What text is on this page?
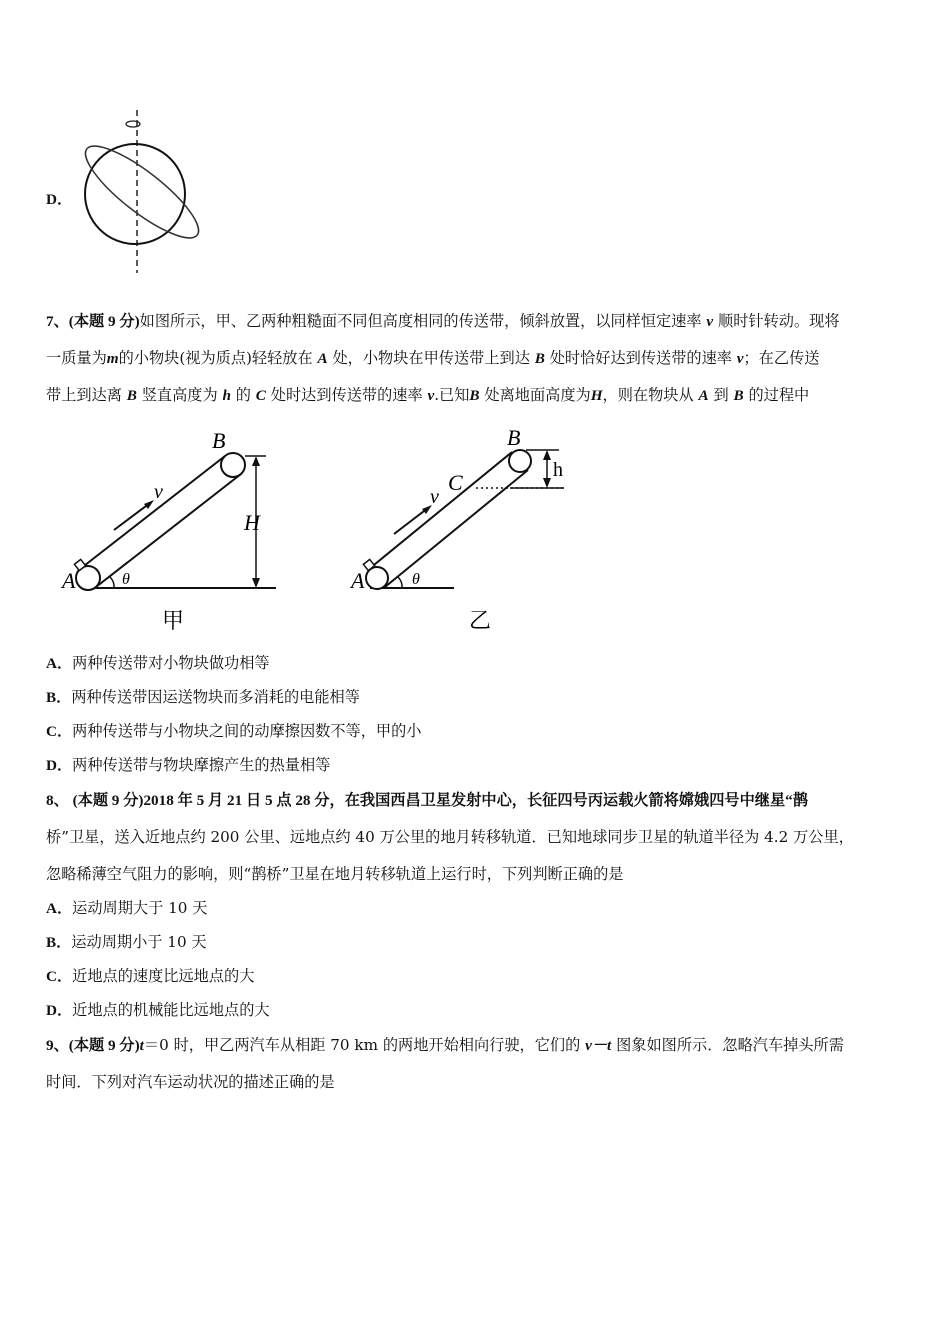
D．
7、(本题 9 分)如图所示，甲、乙两种粗糙面不同但高度相同的传送带，倾斜放置，以同样恒定速率 v 顺时针转动。现将
一质量为m的小物块(视为质点)轻轻放在 A 处，小物块在甲传送带上到达 B 处时恰好达到传送带的速率 v；在乙传送
带上到达离 B 竖直高度为 h 的 C 处时达到传送带的速率 v.已知B 处离地面高度为H，则在物块从 A 到 B 的过程中
A
B
H
v
θ
甲
A
B
C	h
v
θ
乙
A．两种传送带对小物块做功相等
B．两种传送带因运送物块而多消耗的电能相等
C．两种传送带与小物块之间的动摩擦因数不等，甲的小
D．两种传送带与物块摩擦产生的热量相等
8、 (本题 9 分)2018 年 5 月 21 日 5 点 28 分，在我国西昌卫星发射中心，长征四号丙运载火箭将嫦娥四号中继星“鹊
桥”卫星，送入近地点约 200 公里、远地点约 40 万公里的地月转移轨道．已知地球同步卫星的轨道半径为 4.2 万公里，
忽略稀薄空气阻力的影响，则“鹊桥”卫星在地月转移轨道上运行时，下列判断正确的是
A．运动周期大于 10 天
B．运动周期小于 10 天
C．近地点的速度比远地点的大
D．近地点的机械能比远地点的大
9、(本题 9 分)t＝0 时，甲乙两汽车从相距 70 km 的两地开始相向行驶，它们的 v－t 图象如图所示．忽略汽车掉头所需
时间．下列对汽车运动状况的描述正确的是
